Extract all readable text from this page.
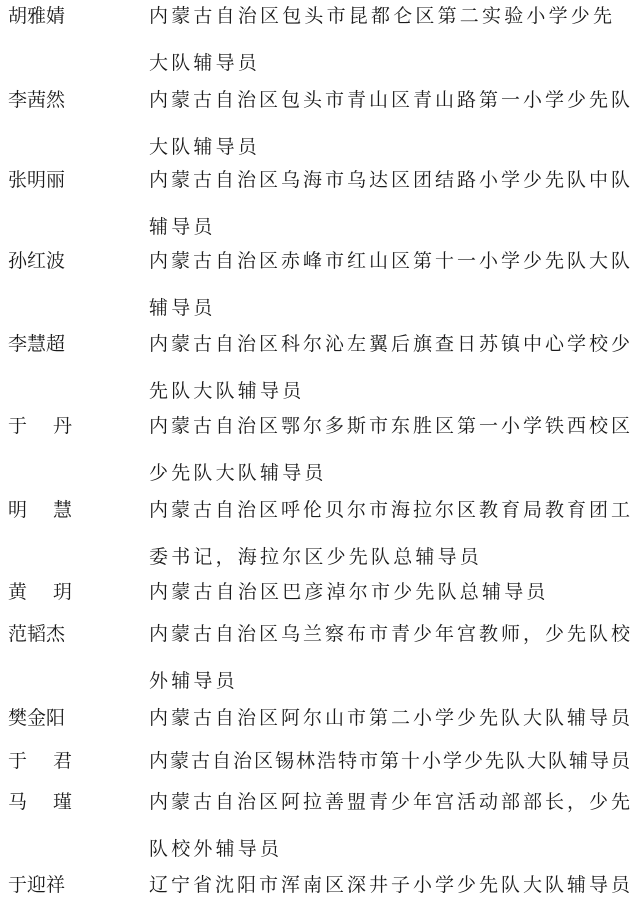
胡雅婧	内蒙古自治区包头市昆都仑区第二实验小学少先
大队辅导员
李茜然	内蒙古自治区包头市青山区青山路第一小学少先队
大队辅导员
张明丽	内蒙古自治区乌海市乌达区团结路小学少先队中队
辅导员
孙红波	内蒙古自治区赤峰市红山区第十一小学少先队大队
辅导员
李慧超	内蒙古自治区科尔沁左翼后旗查日苏镇中心学校少
先队大队辅导员
于丹	内蒙古自治区鄂尔多斯市东胜区第一小学铁西校区
少先队大队辅导员
明慧	内蒙古自治区呼伦贝尔市海拉尔区教育局教育团工
委书记，海拉尔区少先队总辅导员
黄玥	内蒙古自治区巴彦淖尔市少先队总辅导员
范韬杰	内蒙古自治区乌兰察布市青少年宫教师，少先队校
外辅导员
樊金阳	内蒙古自治区阿尔山市第二小学少先队大队辅导员
于君	内蒙古自治区锡林浩特市第十小学少先队大队辅导员
马瑾	内蒙古自治区阿拉善盟青少年宫活动部部长，少先
队校外辅导员
于迎祥	辽宁省沈阳市浑南区深井子小学少先队大队辅导员
